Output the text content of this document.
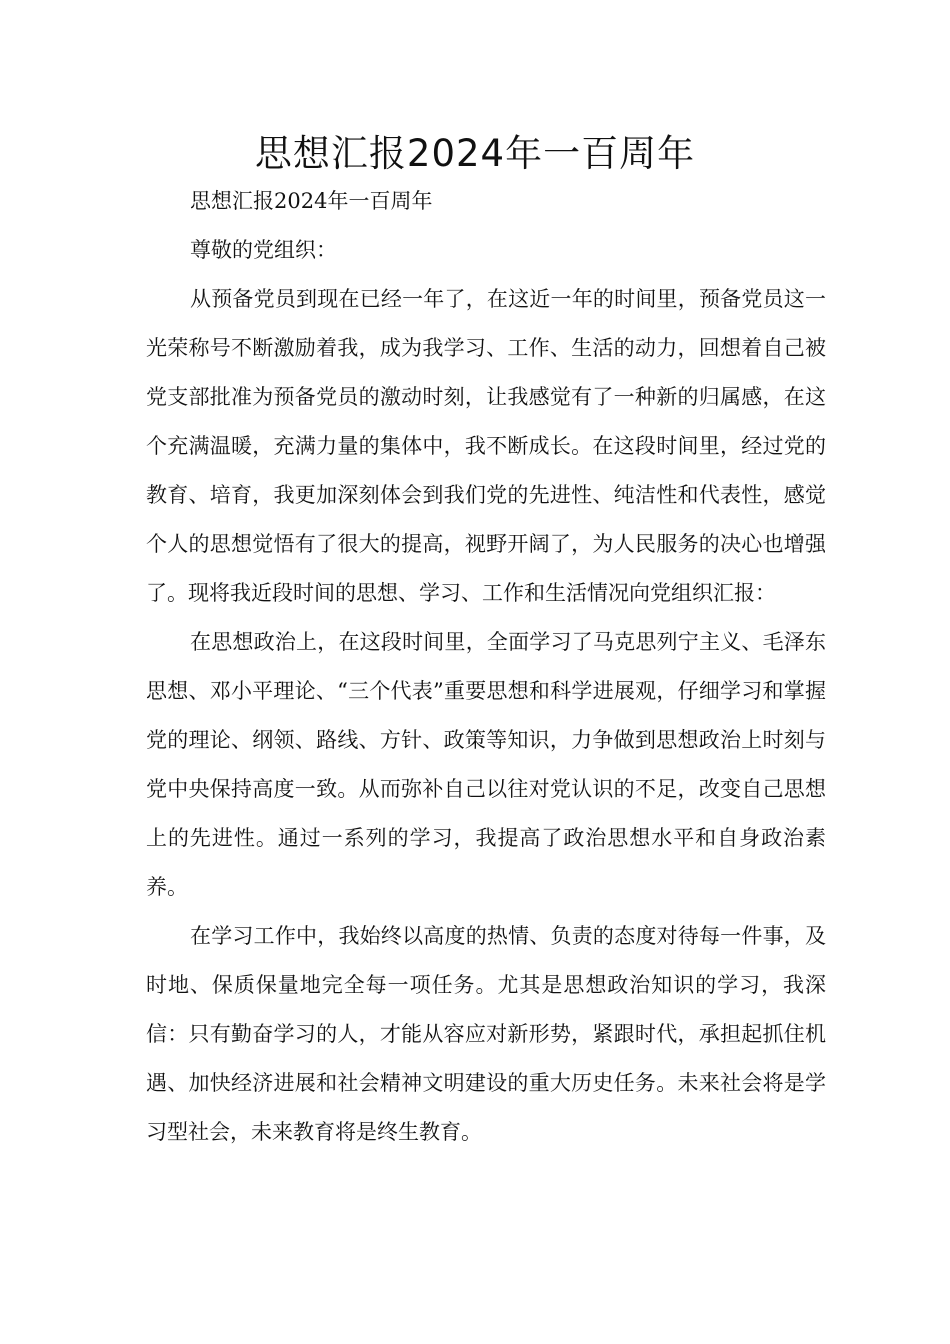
思想汇报2024年一百周年

思想汇报2024年一百周年

尊敬的党组织：

从预备党员到现在已经一年了，在这近一年的时间里，预备党员这一光荣称号不断激励着我，成为我学习、工作、生活的动力，回想着自己被党支部批准为预备党员的激动时刻，让我感觉有了一种新的归属感，在这个充满温暖，充满力量的集体中，我不断成长。在这段时间里，经过党的教育、培育，我更加深刻体会到我们党的先进性、纯洁性和代表性，感觉个人的思想觉悟有了很大的提高，视野开阔了，为人民服务的决心也增强了。现将我近段时间的思想、学习、工作和生活情况向党组织汇报：

在思想政治上，在这段时间里，全面学习了马克思列宁主义、毛泽东思想、邓小平理论、“三个代表”重要思想和科学进展观，仔细学习和掌握党的理论、纲领、路线、方针、政策等知识，力争做到思想政治上时刻与党中央保持高度一致。从而弥补自己以往对党认识的不足，改变自己思想上的先进性。通过一系列的学习，我提高了政治思想水平和自身政治素养。

在学习工作中，我始终以高度的热情、负责的态度对待每一件事，及时地、保质保量地完全每一项任务。尤其是思想政治知识的学习，我深信：只有勤奋学习的人，才能从容应对新形势，紧跟时代，承担起抓住机遇、加快经济进展和社会精神文明建设的重大历史任务。未来社会将是学习型社会，未来教育将是终生教育。
